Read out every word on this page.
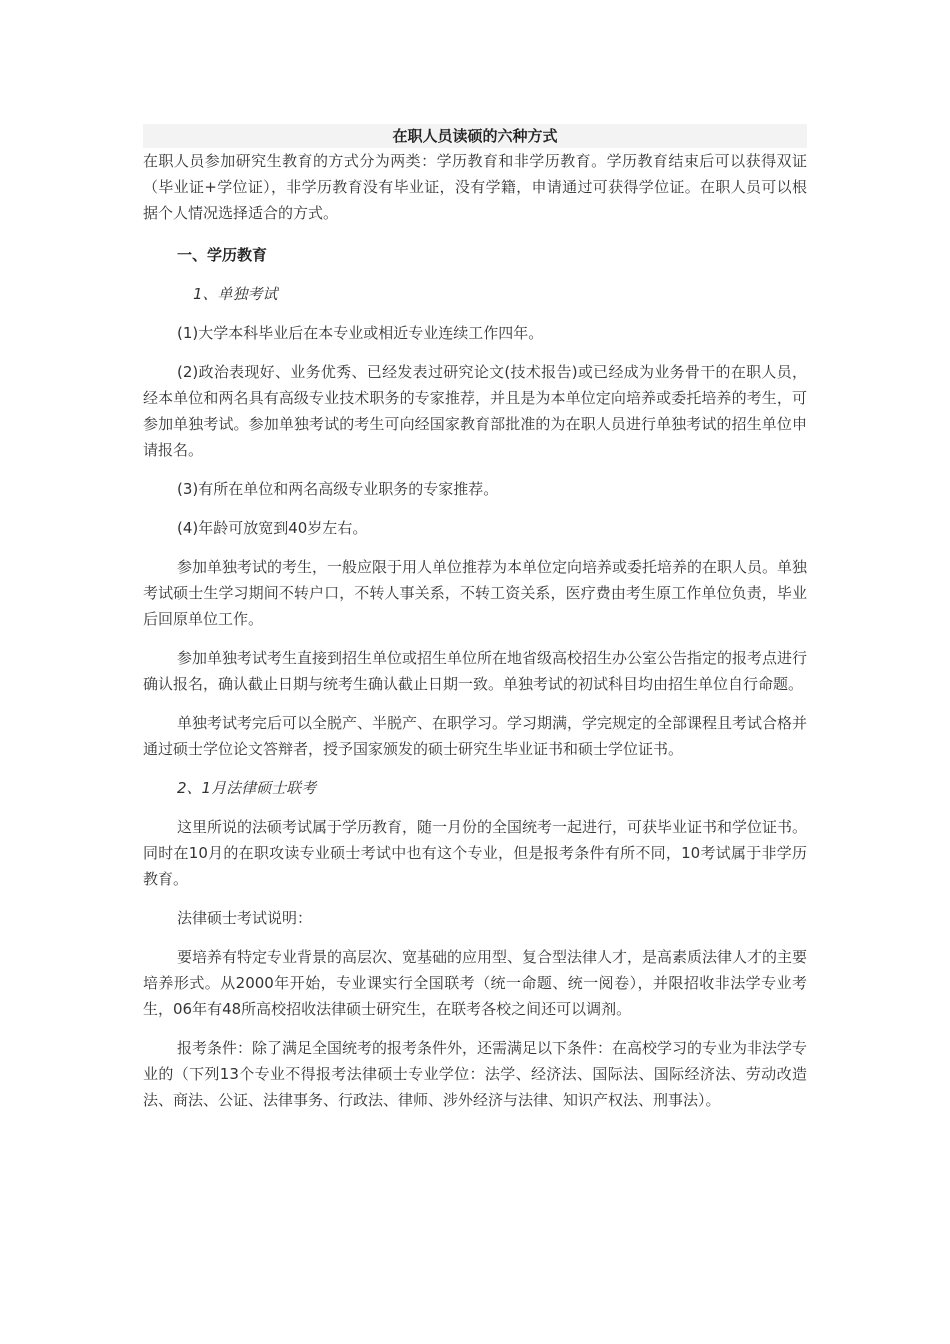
在职人员读硕的六种方式

在职人员参加研究生教育的方式分为两类：学历教育和非学历教育。学历教育结束后可以获得双证（毕业证+学位证），非学历教育没有毕业证，没有学籍，申请通过可获得学位证。在职人员可以根据个人情况选择适合的方式。

一、学历教育
1、单独考试

(1)大学本科毕业后在本专业或相近专业连续工作四年。

(2)政治表现好、业务优秀、已经发表过研究论文(技术报告)或已经成为业务骨干的在职人员，经本单位和两名具有高级专业技术职务的专家推荐，并且是为本单位定向培养或委托培养的考生，可参加单独考试。参加单独考试的考生可向经国家教育部批准的为在职人员进行单独考试的招生单位申请报名。

(3)有所在单位和两名高级专业职务的专家推荐。

(4)年龄可放宽到40岁左右。

参加单独考试的考生，一般应限于用人单位推荐为本单位定向培养或委托培养的在职人员。单独考试硕士生学习期间不转户口，不转人事关系，不转工资关系，医疗费由考生原工作单位负责，毕业后回原单位工作。

参加单独考试考生直接到招生单位或招生单位所在地省级高校招生办公室公告指定的报考点进行确认报名，确认截止日期与统考生确认截止日期一致。单独考试的初试科目均由招生单位自行命题。

单独考试考完后可以全脱产、半脱产、在职学习。学习期满，学完规定的全部课程且考试合格并通过硕士学位论文答辩者，授予国家颁发的硕士研究生毕业证书和硕士学位证书。

2、1月法律硕士联考

这里所说的法硕考试属于学历教育，随一月份的全国统考一起进行，可获毕业证书和学位证书。同时在10月的在职攻读专业硕士考试中也有这个专业，但是报考条件有所不同，10考试属于非学历教育。

法律硕士考试说明：

要培养有特定专业背景的高层次、宽基础的应用型、复合型法律人才，是高素质法律人才的主要培养形式。从2000年开始，专业课实行全国联考（统一命题、统一阅卷），并限招收非法学专业考生，06年有48所高校招收法律硕士研究生，在联考各校之间还可以调剂。

报考条件：除了满足全国统考的报考条件外，还需满足以下条件：在高校学习的专业为非法学专业的（下列13个专业不得报考法律硕士专业学位：法学、经济法、国际法、国际经济法、劳动改造法、商法、公证、法律事务、行政法、律师、涉外经济与法律、知识产权法、刑事法）。
